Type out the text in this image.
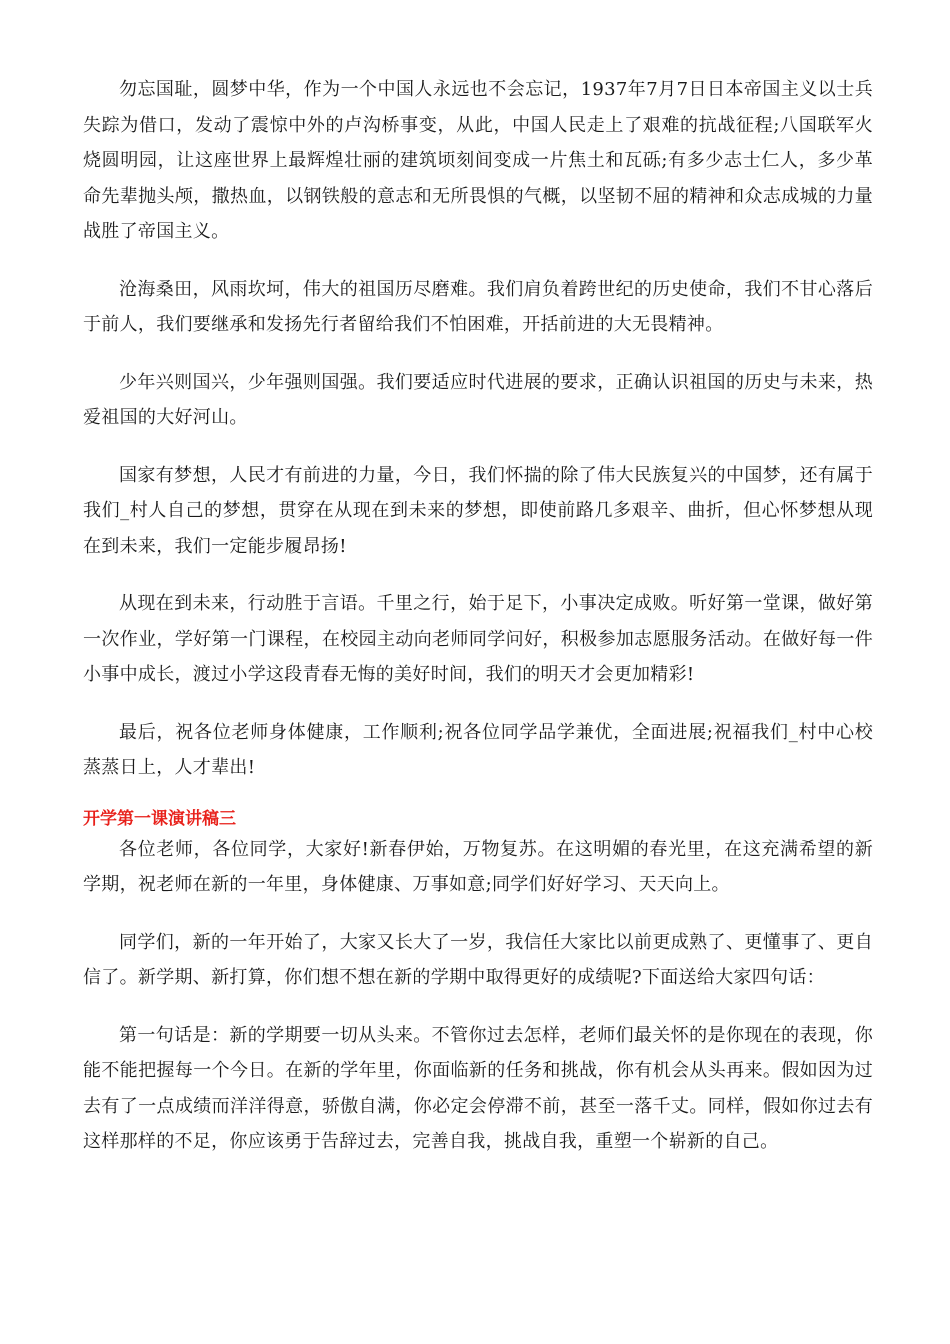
勿忘国耻，圆梦中华，作为一个中国人永远也不会忘记，1937年7月7日日本帝国主义以士兵失踪为借口，发动了震惊中外的卢沟桥事变，从此，中国人民走上了艰难的抗战征程;八国联军火烧圆明园，让这座世界上最辉煌壮丽的建筑顷刻间变成一片焦土和瓦砾;有多少志士仁人，多少革命先辈抛头颅，撒热血，以钢铁般的意志和无所畏惧的气概，以坚韧不屈的精神和众志成城的力量战胜了帝国主义。

沧海桑田，风雨坎坷，伟大的祖国历尽磨难。我们肩负着跨世纪的历史使命，我们不甘心落后于前人，我们要继承和发扬先行者留给我们不怕困难，开括前进的大无畏精神。

少年兴则国兴，少年强则国强。我们要适应时代进展的要求，正确认识祖国的历史与未来，热爱祖国的大好河山。

国家有梦想，人民才有前进的力量，今日，我们怀揣的除了伟大民族复兴的中国梦，还有属于我们_村人自己的梦想，贯穿在从现在到未来的梦想，即使前路几多艰辛、曲折，但心怀梦想从现在到未来，我们一定能步履昂扬!

从现在到未来，行动胜于言语。千里之行，始于足下，小事决定成败。听好第一堂课，做好第一次作业，学好第一门课程，在校园主动向老师同学问好，积极参加志愿服务活动。在做好每一件小事中成长，渡过小学这段青春无悔的美好时间，我们的明天才会更加精彩!

最后，祝各位老师身体健康，工作顺利;祝各位同学品学兼优，全面进展;祝福我们_村中心校蒸蒸日上，人才辈出!

开学第一课演讲稿三

各位老师，各位同学，大家好!新春伊始，万物复苏。在这明媚的春光里，在这充满希望的新学期，祝老师在新的一年里，身体健康、万事如意;同学们好好学习、天天向上。

同学们，新的一年开始了，大家又长大了一岁，我信任大家比以前更成熟了、更懂事了、更自信了。新学期、新打算，你们想不想在新的学期中取得更好的成绩呢?下面送给大家四句话：

第一句话是：新的学期要一切从头来。不管你过去怎样，老师们最关怀的是你现在的表现，你能不能把握每一个今日。在新的学年里，你面临新的任务和挑战，你有机会从头再来。假如因为过去有了一点成绩而洋洋得意，骄傲自满，你必定会停滞不前，甚至一落千丈。同样，假如你过去有这样那样的不足，你应该勇于告辞过去，完善自我，挑战自我，重塑一个崭新的自己。
